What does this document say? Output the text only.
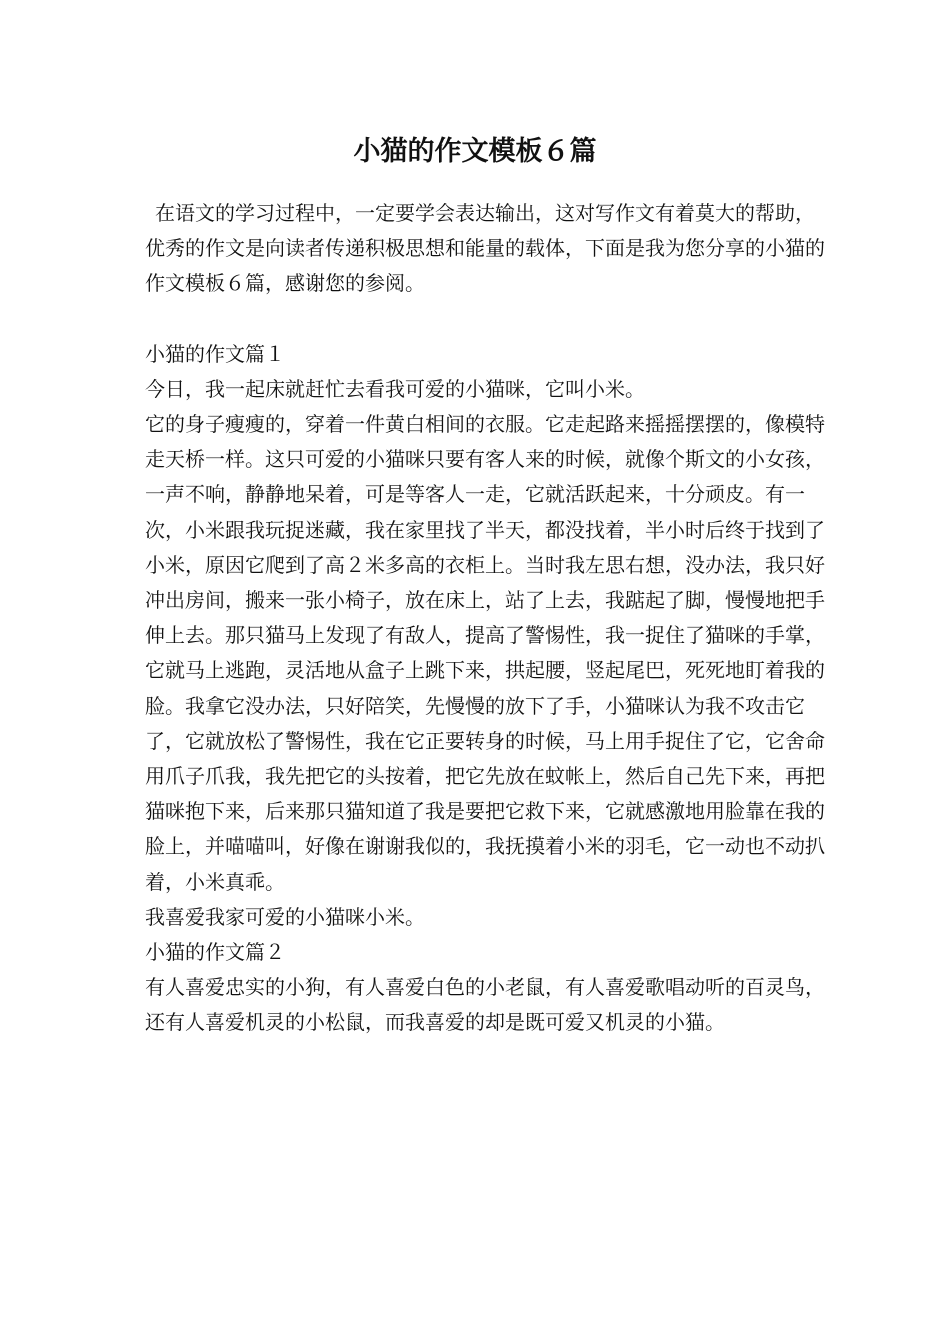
小猫的作文模板６篇

在语文的学习过程中，一定要学会表达输出，这对写作文有着莫大的帮助，优秀的作文是向读者传递积极思想和能量的载体，下面是我为您分享的小猫的作文模板６篇，感谢您的参阅。

小猫的作文篇１

今日，我一起床就赶忙去看我可爱的小猫咪，它叫小米。

它的身子瘦瘦的，穿着一件黄白相间的衣服。它走起路来摇摇摆摆的，像模特走天桥一样。这只可爱的小猫咪只要有客人来的时候，就像个斯文的小女孩，一声不响，静静地呆着，可是等客人一走，它就活跃起来，十分顽皮。有一次，小米跟我玩捉迷藏，我在家里找了半天，都没找着，半小时后终于找到了小米，原因它爬到了高２米多高的衣柜上。当时我左思右想，没办法，我只好冲出房间，搬来一张小椅子，放在床上，站了上去，我踮起了脚，慢慢地把手伸上去。那只猫马上发现了有敌人，提高了警惕性，我一捉住了猫咪的手掌，它就马上逃跑，灵活地从盒子上跳下来，拱起腰，竖起尾巴，死死地盯着我的脸。我拿它没办法，只好陪笑，先慢慢的放下了手，小猫咪认为我不攻击它了，它就放松了警惕性，我在它正要转身的时候，马上用手捉住了它，它舍命用爪子爪我，我先把它的头按着，把它先放在蚊帐上，然后自己先下来，再把猫咪抱下来，后来那只猫知道了我是要把它救下来，它就感激地用脸靠在我的脸上，并喵喵叫，好像在谢谢我似的，我抚摸着小米的羽毛，它一动也不动扒着，小米真乖。

我喜爱我家可爱的小猫咪小米。

小猫的作文篇２

有人喜爱忠实的小狗，有人喜爱白色的小老鼠，有人喜爱歌唱动听的百灵鸟，还有人喜爱机灵的小松鼠，而我喜爱的却是既可爱又机灵的小猫。
